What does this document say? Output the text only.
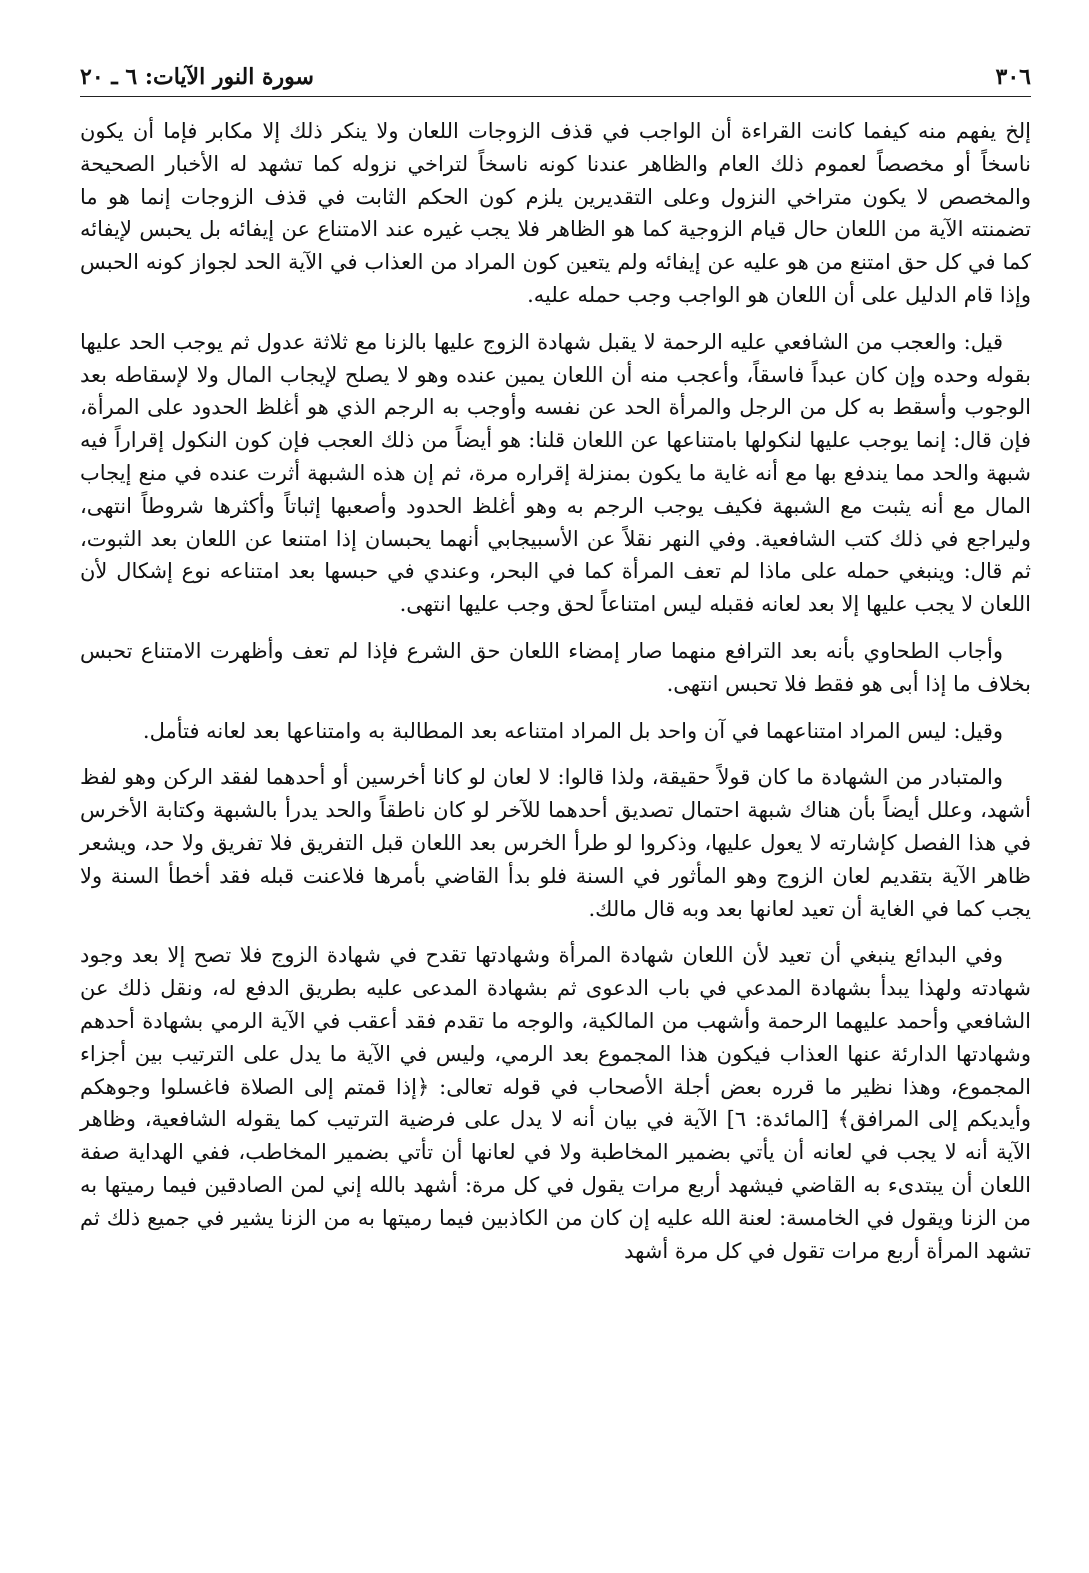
٣٠٦
سورة النور الآيات: ٦ ـ ٢٠

إلخ يفهم منه كيفما كانت القراءة أن الواجب في قذف الزوجات اللعان ولا ينكر ذلك إلا مكابر فإما أن يكون ناسخاً أو مخصصاً لعموم ذلك العام والظاهر عندنا كونه ناسخاً لتراخي نزوله كما تشهد له الأخبار الصحيحة والمخصص لا يكون متراخي النزول وعلى التقديرين يلزم كون الحكم الثابت في قذف الزوجات إنما هو ما تضمنته الآية من اللعان حال قيام الزوجية كما هو الظاهر فلا يجب غيره عند الامتناع عن إيفائه بل يحبس لإيفائه كما في كل حق امتنع من هو عليه عن إيفائه ولم يتعين كون المراد من العذاب في الآية الحد لجواز كونه الحبس وإذا قام الدليل على أن اللعان هو الواجب وجب حمله عليه.

قيل: والعجب من الشافعي عليه الرحمة لا يقبل شهادة الزوج عليها بالزنا مع ثلاثة عدول ثم يوجب الحد عليها بقوله وحده وإن كان عبداً فاسقاً، وأعجب منه أن اللعان يمين عنده وهو لا يصلح لإيجاب المال ولا لإسقاطه بعد الوجوب وأسقط به كل من الرجل والمرأة الحد عن نفسه وأوجب به الرجم الذي هو أغلظ الحدود على المرأة، فإن قال: إنما يوجب عليها لنكولها بامتناعها عن اللعان قلنا: هو أيضاً من ذلك العجب فإن كون النكول إقراراً فيه شبهة والحد مما يندفع بها مع أنه غاية ما يكون بمنزلة إقراره مرة، ثم إن هذه الشبهة أثرت عنده في منع إيجاب المال مع أنه يثبت مع الشبهة فكيف يوجب الرجم به وهو أغلظ الحدود وأصعبها إثباتاً وأكثرها شروطاً انتهى، وليراجع في ذلك كتب الشافعية. وفي النهر نقلاً عن الأسبيجابي أنهما يحبسان إذا امتنعا عن اللعان بعد الثبوت، ثم قال: وينبغي حمله على ماذا لم تعف المرأة كما في البحر، وعندي في حبسها بعد امتناعه نوع إشكال لأن اللعان لا يجب عليها إلا بعد لعانه فقبله ليس امتناعاً لحق وجب عليها انتهى.

وأجاب الطحاوي بأنه بعد الترافع منهما صار إمضاء اللعان حق الشرع فإذا لم تعف وأظهرت الامتناع تحبس بخلاف ما إذا أبى هو فقط فلا تحبس انتهى.

وقيل: ليس المراد امتناعهما في آن واحد بل المراد امتناعه بعد المطالبة به وامتناعها بعد لعانه فتأمل.

والمتبادر من الشهادة ما كان قولاً حقيقة، ولذا قالوا: لا لعان لو كانا أخرسين أو أحدهما لفقد الركن وهو لفظ أشهد، وعلل أيضاً بأن هناك شبهة احتمال تصديق أحدهما للآخر لو كان ناطقاً والحد يدرأ بالشبهة وكتابة الأخرس في هذا الفصل كإشارته لا يعول عليها، وذكروا لو طرأ الخرس بعد اللعان قبل التفريق فلا تفريق ولا حد، ويشعر ظاهر الآية بتقديم لعان الزوج وهو المأثور في السنة فلو بدأ القاضي بأمرها فلاعنت قبله فقد أخطأ السنة ولا يجب كما في الغاية أن تعيد لعانها بعد وبه قال مالك.

وفي البدائع ينبغي أن تعيد لأن اللعان شهادة المرأة وشهادتها تقدح في شهادة الزوج فلا تصح إلا بعد وجود شهادته ولهذا يبدأ بشهادة المدعي في باب الدعوى ثم بشهادة المدعى عليه بطريق الدفع له، ونقل ذلك عن الشافعي وأحمد عليهما الرحمة وأشهب من المالكية، والوجه ما تقدم فقد أعقب في الآية الرمي بشهادة أحدهم وشهادتها الدارئة عنها العذاب فيكون هذا المجموع بعد الرمي، وليس في الآية ما يدل على الترتيب بين أجزاء المجموع، وهذا نظير ما قرره بعض أجلة الأصحاب في قوله تعالى: ﴿إذا قمتم إلى الصلاة فاغسلوا وجوهكم وأيديكم إلى المرافق﴾ [المائدة: ٦] الآية في بيان أنه لا يدل على فرضية الترتيب كما يقوله الشافعية، وظاهر الآية أنه لا يجب في لعانه أن يأتي بضمير المخاطبة ولا في لعانها أن تأتي بضمير المخاطب، ففي الهداية صفة اللعان أن يبتدىء به القاضي فيشهد أربع مرات يقول في كل مرة: أشهد بالله إني لمن الصادقين فيما رميتها به من الزنا ويقول في الخامسة: لعنة الله عليه إن كان من الكاذبين فيما رميتها به من الزنا يشير في جميع ذلك ثم تشهد المرأة أربع مرات تقول في كل مرة أشهد
